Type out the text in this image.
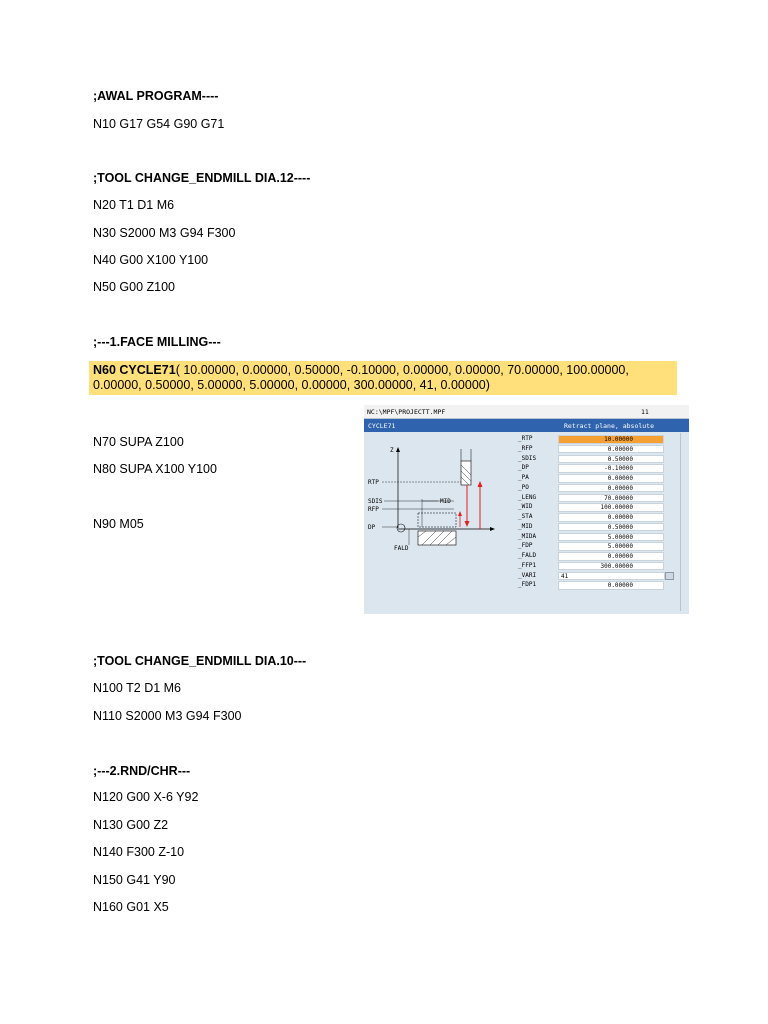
;AWAL PROGRAM----
N10 G17 G54 G90 G71
;TOOL CHANGE_ENDMILL DIA.12----
N20 T1 D1 M6
N30 S2000 M3 G94 F300
N40 G00 X100 Y100
N50 G00 Z100
;---1.FACE MILLING---
N60 CYCLE71( 10.00000, 0.00000, 0.50000, -0.10000, 0.00000, 0.00000, 70.00000, 100.00000, 0.00000, 0.50000, 5.00000, 5.00000, 0.00000, 300.00000, 41, 0.00000)
N70 SUPA Z100
N80 SUPA X100 Y100
N90 M05
NC:\MPF\PROJECTT.MPF	11
CYCLE71	Retract plane, absolute
Z
RTP
SDIS
RFP
DP
MID
FALD
_RTP	10.00000
_RFP	0.00000
_SDIS	0.50000
_DP	-0.10000
_PA	0.00000
_PO	0.00000
_LENG	70.00000
_WID	100.00000
_STA	0.00000
_MID	0.50000
_MIDA	5.00000
_FDP	5.00000
_FALD	0.00000
_FFP1	300.00000
_VARI	41
_FDP1	0.00000
;TOOL CHANGE_ENDMILL DIA.10---
N100 T2 D1 M6
N110 S2000 M3 G94 F300
;---2.RND/CHR---
N120 G00 X-6 Y92
N130 G00 Z2
N140 F300 Z-10
N150 G41 Y90
N160 G01 X5
